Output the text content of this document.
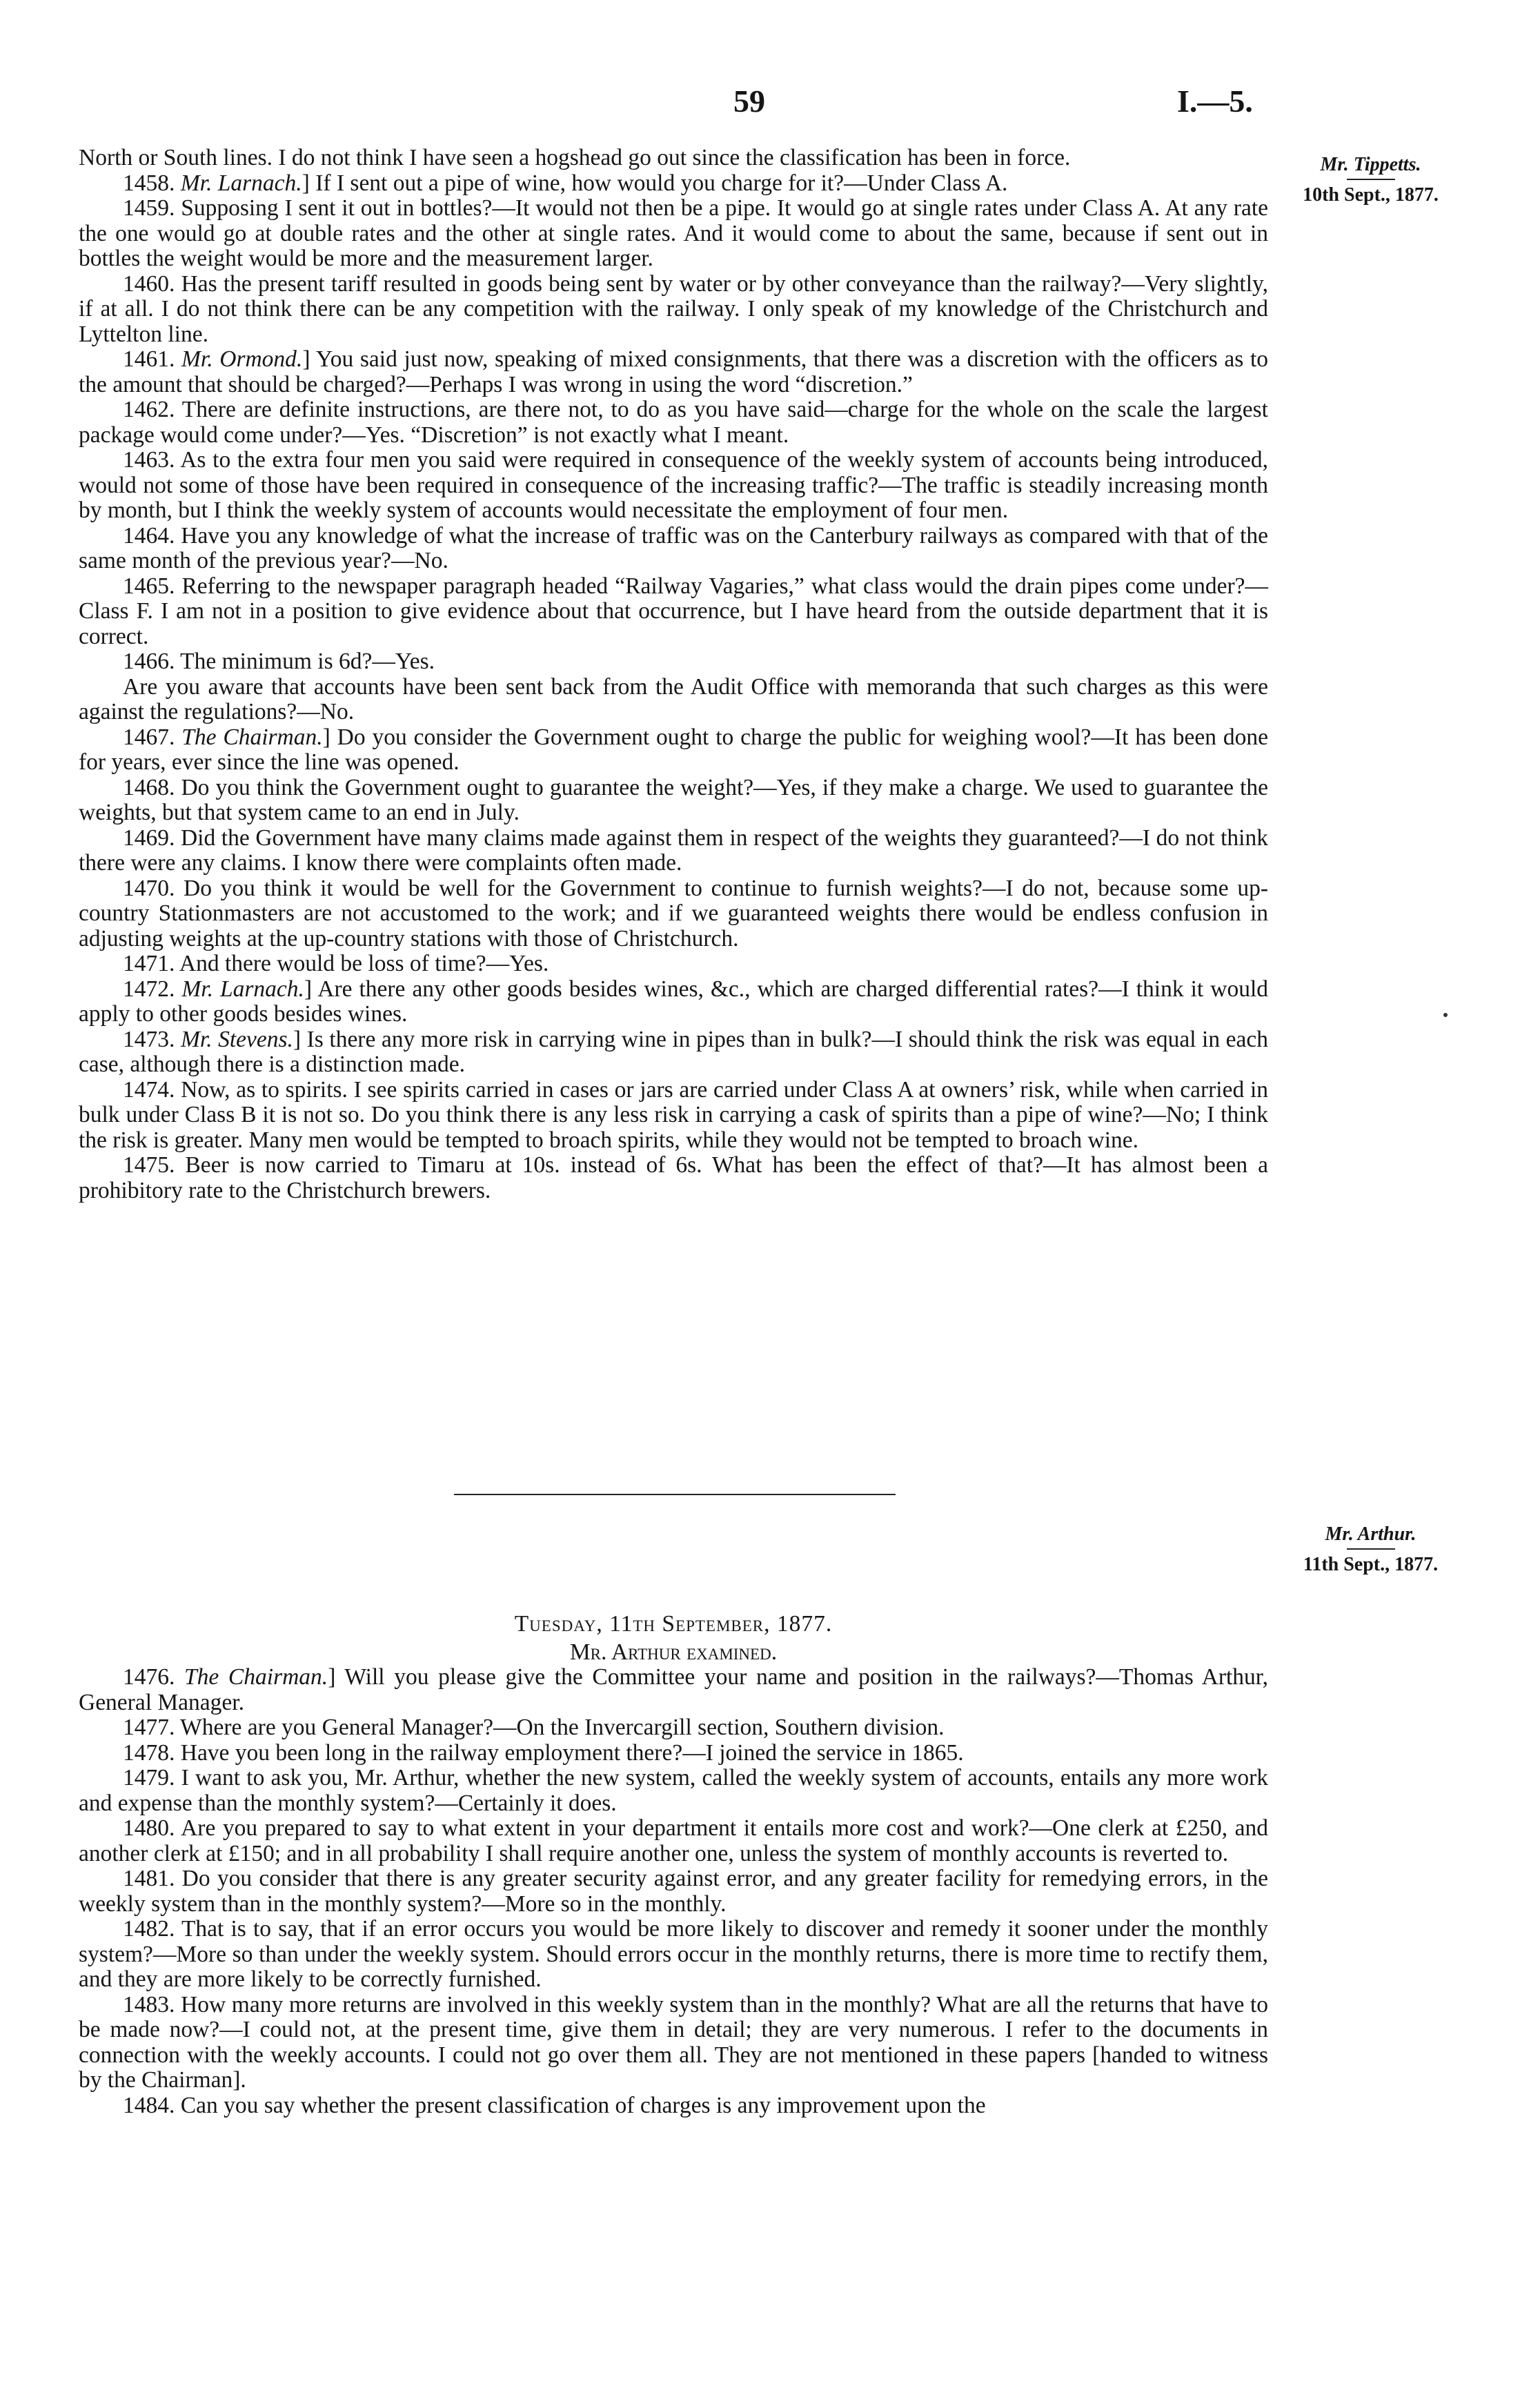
59	I.—5.
Mr. Tippetts.
10th Sept., 1877.
Mr. Arthur.
11th Sept., 1877.

North or South lines. I do not think I have seen a hogshead go out since the classification has been in force.

1458. Mr. Larnach.] If I sent out a pipe of wine, how would you charge for it?—Under Class A.

1459. Supposing I sent it out in bottles?—It would not then be a pipe. It would go at single rates under Class A. At any rate the one would go at double rates and the other at single rates. And it would come to about the same, because if sent out in bottles the weight would be more and the measurement larger.

1460. Has the present tariff resulted in goods being sent by water or by other conveyance than the railway?—Very slightly, if at all. I do not think there can be any competition with the railway. I only speak of my knowledge of the Christchurch and Lyttelton line.

1461. Mr. Ormond.] You said just now, speaking of mixed consignments, that there was a discretion with the officers as to the amount that should be charged?—Perhaps I was wrong in using the word “discretion.”

1462. There are definite instructions, are there not, to do as you have said—charge for the whole on the scale the largest package would come under?—Yes. “Discretion” is not exactly what I meant.

1463. As to the extra four men you said were required in consequence of the weekly system of accounts being introduced, would not some of those have been required in consequence of the increasing traffic?—The traffic is steadily increasing month by month, but I think the weekly system of accounts would necessitate the employment of four men.

1464. Have you any knowledge of what the increase of traffic was on the Canterbury railways as compared with that of the same month of the previous year?—No.

1465. Referring to the newspaper paragraph headed “Railway Vagaries,” what class would the drain pipes come under?—Class F. I am not in a position to give evidence about that occurrence, but I have heard from the outside department that it is correct.

1466. The minimum is 6d?—Yes.

Are you aware that accounts have been sent back from the Audit Office with memoranda that such charges as this were against the regulations?—No.

1467. The Chairman.] Do you consider the Government ought to charge the public for weighing wool?—It has been done for years, ever since the line was opened.

1468. Do you think the Government ought to guarantee the weight?—Yes, if they make a charge. We used to guarantee the weights, but that system came to an end in July.

1469. Did the Government have many claims made against them in respect of the weights they guaranteed?—I do not think there were any claims. I know there were complaints often made.

1470. Do you think it would be well for the Government to continue to furnish weights?—I do not, because some up-country Stationmasters are not accustomed to the work; and if we guaranteed weights there would be endless confusion in adjusting weights at the up-country stations with those of Christchurch.

1471. And there would be loss of time?—Yes.

1472. Mr. Larnach.] Are there any other goods besides wines, &c., which are charged differential rates?—I think it would apply to other goods besides wines.

1473. Mr. Stevens.] Is there any more risk in carrying wine in pipes than in bulk?—I should think the risk was equal in each case, although there is a distinction made.

1474. Now, as to spirits. I see spirits carried in cases or jars are carried under Class A at owners’ risk, while when carried in bulk under Class B it is not so. Do you think there is any less risk in carrying a cask of spirits than a pipe of wine?—No; I think the risk is greater. Many men would be tempted to broach spirits, while they would not be tempted to broach wine.

1475. Beer is now carried to Timaru at 10s. instead of 6s. What has been the effect of that?—It has almost been a prohibitory rate to the Christchurch brewers.

Tuesday, 11th September, 1877.

Mr. Arthur examined.

1476. The Chairman.] Will you please give the Committee your name and position in the railways?—Thomas Arthur, General Manager.

1477. Where are you General Manager?—On the Invercargill section, Southern division.

1478. Have you been long in the railway employment there?—I joined the service in 1865.

1479. I want to ask you, Mr. Arthur, whether the new system, called the weekly system of accounts, entails any more work and expense than the monthly system?—Certainly it does.

1480. Are you prepared to say to what extent in your department it entails more cost and work?—One clerk at £250, and another clerk at £150; and in all probability I shall require another one, unless the system of monthly accounts is reverted to.

1481. Do you consider that there is any greater security against error, and any greater facility for remedying errors, in the weekly system than in the monthly system?—More so in the monthly.

1482. That is to say, that if an error occurs you would be more likely to discover and remedy it sooner under the monthly system?—More so than under the weekly system. Should errors occur in the monthly returns, there is more time to rectify them, and they are more likely to be correctly furnished.

1483. How many more returns are involved in this weekly system than in the monthly? What are all the returns that have to be made now?—I could not, at the present time, give them in detail; they are very numerous. I refer to the documents in connection with the weekly accounts. I could not go over them all. They are not mentioned in these papers [handed to witness by the Chairman].

1484. Can you say whether the present classification of charges is any improvement upon the
